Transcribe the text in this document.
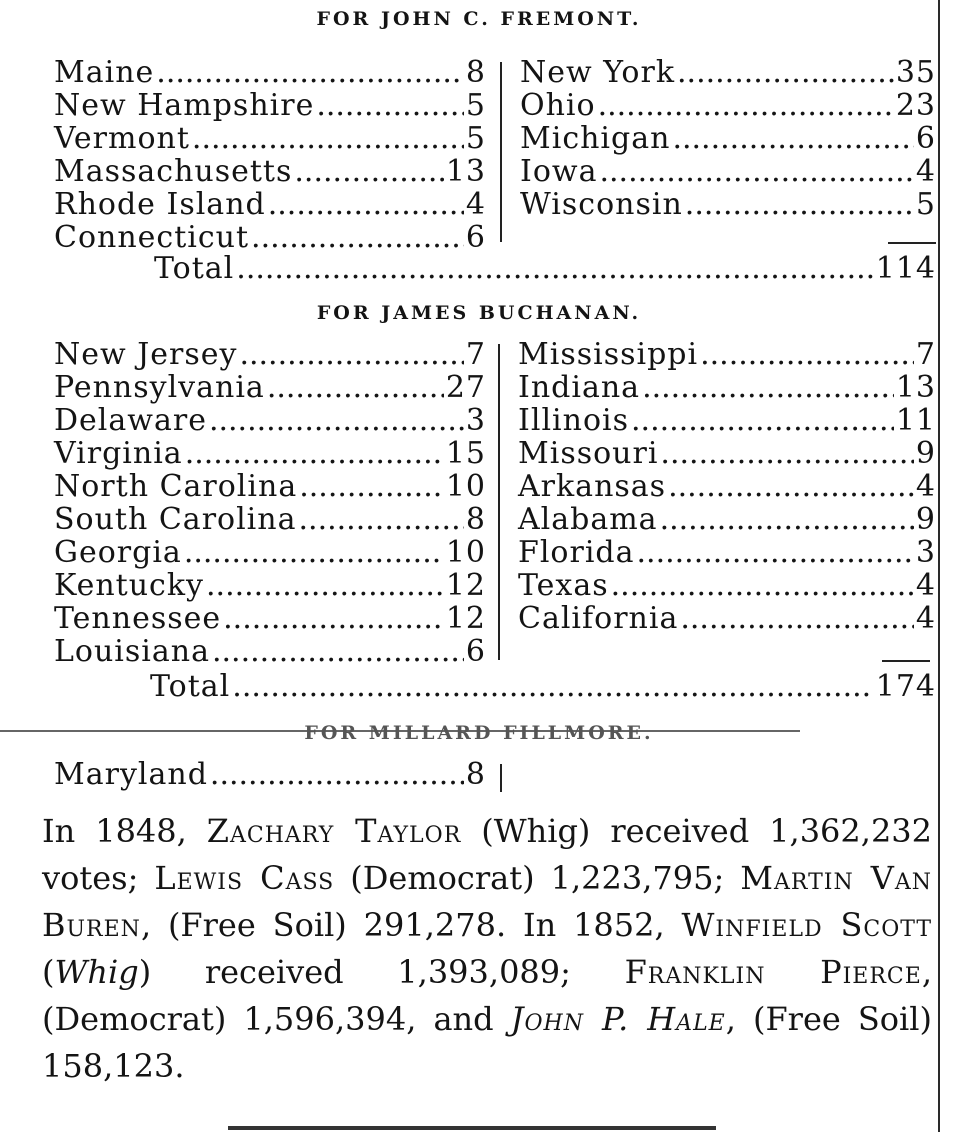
FOR JOHN C. FREMONT.
Maine .....	8
New Hampshire .....	5
Vermont .....	5
Massachusetts .....	13
Rhode Island .....	4
Connecticut .....	6
New York .....	35
Ohio .....	23
Michigan .....	6
Iowa .....	4
Wisconsin .....	5
Total .....	114
FOR JAMES BUCHANAN.
New Jersey .....	7
Pennsylvania .....	27
Delaware .....	3
Virginia .....	15
North Carolina .....	10
South Carolina .....	8
Georgia .....	10
Kentucky .....	12
Tennessee .....	12
Louisiana .....	6
Mississippi .....	7
Indiana .....	13
Illinois .....	11
Missouri .....	9
Arkansas .....	4
Alabama .....	9
Florida .....	3
Texas .....	4
California .....	4
Total .....	174
FOR MILLARD FILLMORE.
Maryland .....	8
In 1848, Zachary Taylor (Whig) received 1,362,232 votes; Lewis Cass (Democrat) 1,223,795; Martin Van Buren, (Free Soil) 291,278. In 1852, Winfield Scott (Whig) received 1,393,089; Franklin Pierce, (Democrat) 1,596,394, and John P. Hale, (Free Soil) 158,123.
